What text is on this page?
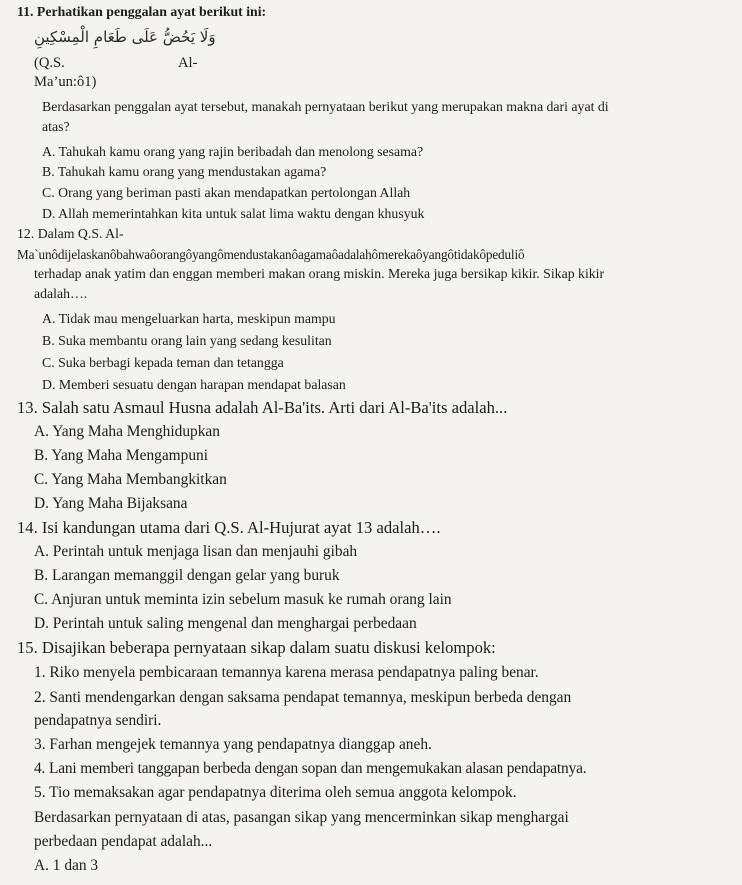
11. Perhatikan penggalan ayat berikut ini:
وَلَا يَحُضُّ عَلَى طَعَامِ الْمِسْكِينِ
(Q.S.	Al-
Ma’un:ô1)
Berdasarkan penggalan ayat tersebut, manakah pernyataan berikut yang merupakan makna dari ayat di
atas?
A. Tahukah kamu orang yang rajin beribadah dan menolong sesama?
B. Tahukah kamu orang yang mendustakan agama?
C. Orang yang beriman pasti akan mendapatkan pertolongan Allah
D. Allah memerintahkan kita untuk salat lima waktu dengan khusyuk
12. Dalam Q.S. Al-
Ma`unôdijelaskanôbahwaôorangôyangômendustakanôagamaôadalahômerekaôyangôtidakôpeduliô
terhadap anak yatim dan enggan memberi makan orang miskin. Mereka juga bersikap kikir. Sikap kikir
adalah….
A. Tidak mau mengeluarkan harta, meskipun mampu
B. Suka membantu orang lain yang sedang kesulitan
C. Suka berbagi kepada teman dan tetangga
D. Memberi sesuatu dengan harapan mendapat balasan
13. Salah satu Asmaul Husna adalah Al-Ba'its. Arti dari Al-Ba'its adalah...
A. Yang Maha Menghidupkan
B. Yang Maha Mengampuni
C. Yang Maha Membangkitkan
D. Yang Maha Bijaksana
14. Isi kandungan utama dari Q.S. Al-Hujurat ayat 13 adalah….
A. Perintah untuk menjaga lisan dan menjauhi gibah
B. Larangan memanggil dengan gelar yang buruk
C. Anjuran untuk meminta izin sebelum masuk ke rumah orang lain
D. Perintah untuk saling mengenal dan menghargai perbedaan
15. Disajikan beberapa pernyataan sikap dalam suatu diskusi kelompok:
1. Riko menyela pembicaraan temannya karena merasa pendapatnya paling benar.
2. Santi mendengarkan dengan saksama pendapat temannya, meskipun berbeda dengan
pendapatnya sendiri.
3. Farhan mengejek temannya yang pendapatnya dianggap aneh.
4. Lani memberi tanggapan berbeda dengan sopan dan mengemukakan alasan pendapatnya.
5. Tio memaksakan agar pendapatnya diterima oleh semua anggota kelompok.
Berdasarkan pernyataan di atas, pasangan sikap yang mencerminkan sikap menghargai
perbedaan pendapat adalah...
A. 1 dan 3
